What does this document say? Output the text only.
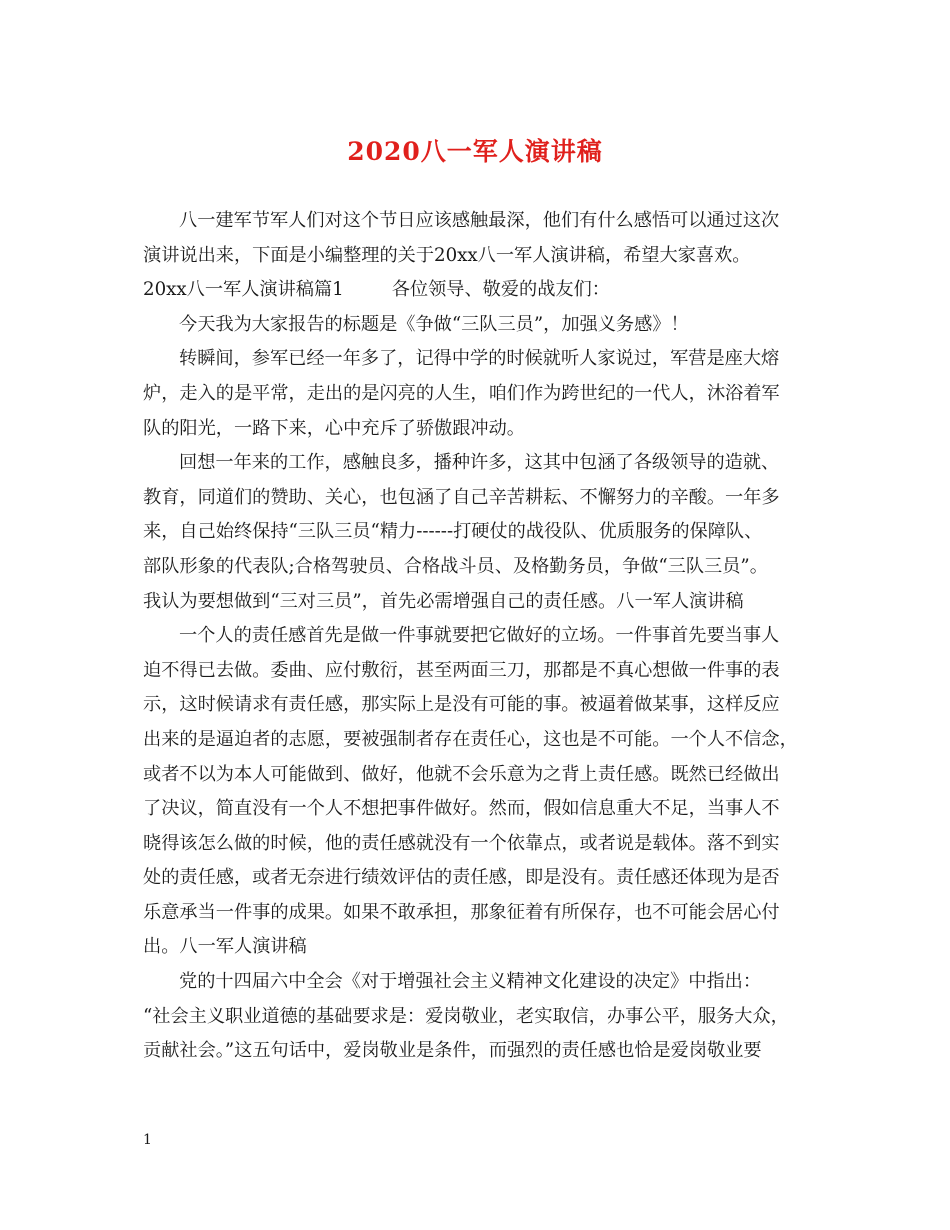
2020八一军人演讲稿
八一建军节军人们对这个节日应该感触最深，他们有什么感悟可以通过这次
演讲说出来，下面是小编整理的关于20xx八一军人演讲稿，希望大家喜欢。
20xx八一军人演讲稿篇1	各位领导、敬爱的战友们：
今天我为大家报告的标题是《争做“三队三员”，加强义务感》！
转瞬间，参军已经一年多了，记得中学的时候就听人家说过，军营是座大熔
炉，走入的是平常，走出的是闪亮的人生，咱们作为跨世纪的一代人，沐浴着军
队的阳光，一路下来，心中充斥了骄傲跟冲动。
回想一年来的工作，感触良多，播种许多，这其中包涵了各级领导的造就、
教育，同道们的赞助、关心，也包涵了自己辛苦耕耘、不懈努力的辛酸。一年多
来，自己始终保持“三队三员“精力------打硬仗的战役队、优质服务的保障队、
部队形象的代表队;合格驾驶员、合格战斗员、及格勤务员，争做“三队三员”。
我认为要想做到“三对三员”，首先必需增强自己的责任感。八一军人演讲稿
一个人的责任感首先是做一件事就要把它做好的立场。一件事首先要当事人
迫不得已去做。委曲、应付敷衍，甚至两面三刀，那都是不真心想做一件事的表
示，这时候请求有责任感，那实际上是没有可能的事。被逼着做某事，这样反应
出来的是逼迫者的志愿，要被强制者存在责任心，这也是不可能。一个人不信念，
或者不以为本人可能做到、做好，他就不会乐意为之背上责任感。既然已经做出
了决议，简直没有一个人不想把事件做好。然而，假如信息重大不足，当事人不
晓得该怎么做的时候，他的责任感就没有一个依靠点，或者说是载体。落不到实
处的责任感，或者无奈进行绩效评估的责任感，即是没有。责任感还体现为是否
乐意承当一件事的成果。如果不敢承担，那象征着有所保存，也不可能会居心付
出。八一军人演讲稿
党的十四届六中全会《对于增强社会主义精神文化建设的决定》中指出：
“社会主义职业道德的基础要求是：爱岗敬业，老实取信，办事公平，服务大众，
贡献社会。”这五句话中，爱岗敬业是条件，而强烈的责任感也恰是爱岗敬业要

1
